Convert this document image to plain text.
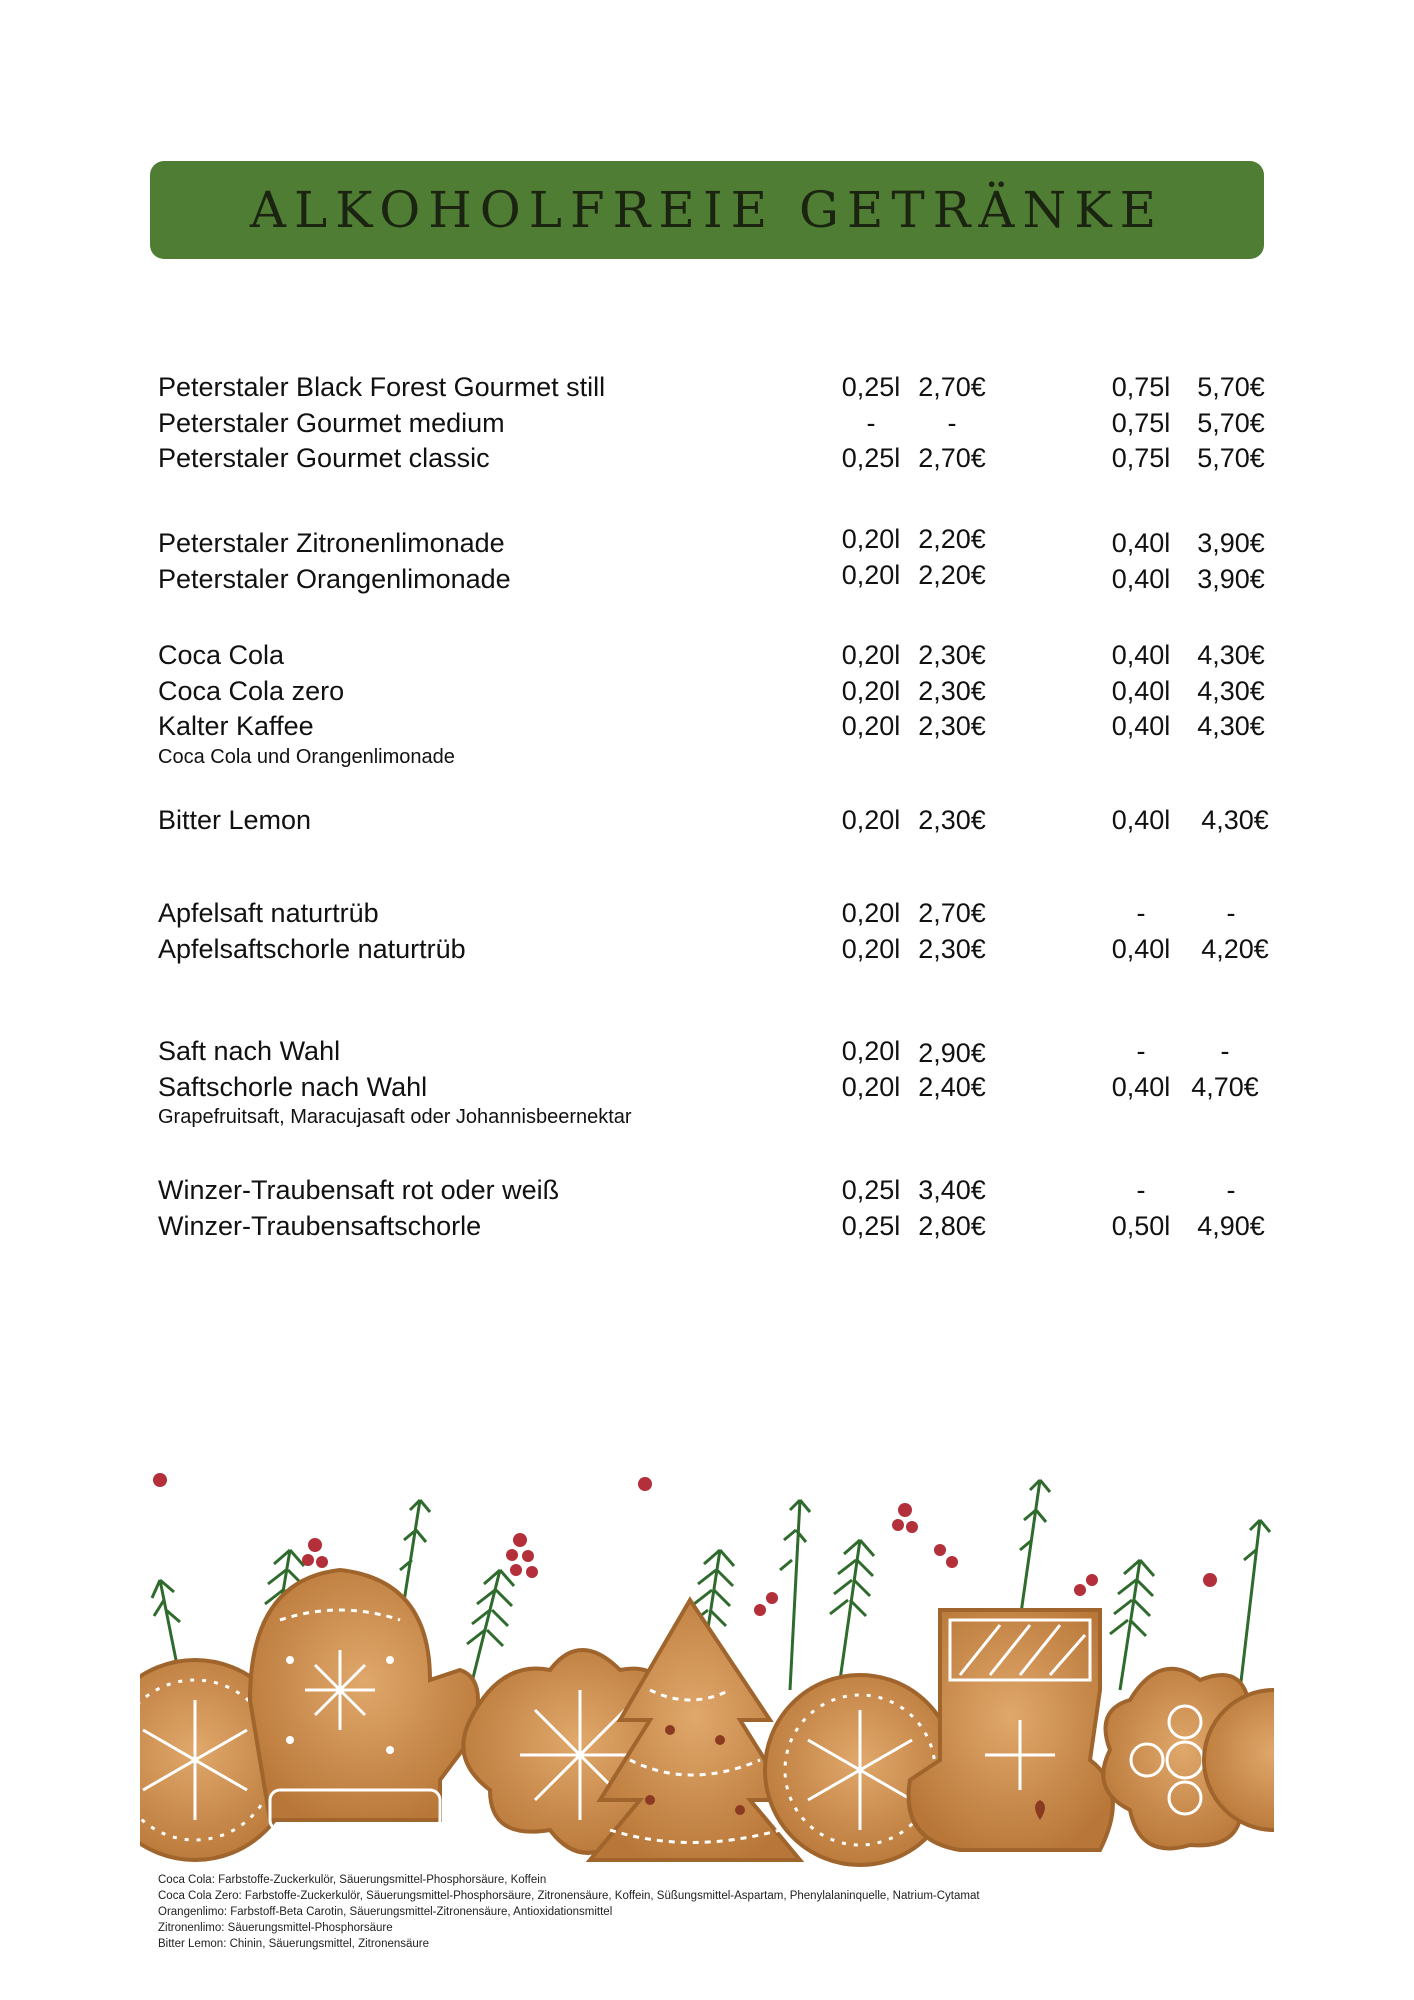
ALKOHOLFREIE GETRÄNKE
Peterstaler Black Forest Gourmet still	0,25l 2,70€	0,75l 5,70€
Peterstaler Gourmet medium	-	-	0,75l 5,70€
Peterstaler Gourmet classic	0,25l 2,70€	0,75l 5,70€
Peterstaler Zitronenlimonade	0,20l 2,20€	0,40l 3,90€
Peterstaler Orangenlimonade	0,20l 2,20€	0,40l 3,90€
Coca Cola	0,20l 2,30€	0,40l 4,30€
Coca Cola zero	0,20l 2,30€	0,40l 4,30€
Kalter Kaffee	0,20l 2,30€	0,40l 4,30€
Coca Cola und Orangenlimonade
Bitter Lemon	0,20l 2,30€	0,40l	4,30€
Apfelsaft naturtrüb	0,20l 2,70€	-	-
Apfelsaftschorle naturtrüb	0,20l 2,30€	0,40l	4,20€
Saft nach Wahl	0,20l 2,90€	-	-
Saftschorle nach Wahl	0,20l 2,40€	0,40l 4,70€
Grapefruitsaft, Maracujasaft oder Johannisbeernektar
Winzer-Traubensaft rot oder weiß	0,25l 3,40€	-	-
Winzer-Traubensaftschorle	0,25l 2,80€	0,50l 4,90€
Coca Cola: Farbstoffe-Zuckerkulör, Säuerungsmittel-Phosphorsäure, Koffein
Coca Cola Zero: Farbstoffe-Zuckerkulör, Säuerungsmittel-Phosphorsäure, Zitronensäure, Koffein, Süßungsmittel-Aspartam, Phenylalaninquelle, Natrium-Cytamat
Orangenlimo: Farbstoff-Beta Carotin, Säuerungsmittel-Zitronensäure, Antioxidationsmittel
Zitronenlimo: Säuerungsmittel-Phosphorsäure
Bitter Lemon: Chinin, Säuerungsmittel, Zitronensäure
